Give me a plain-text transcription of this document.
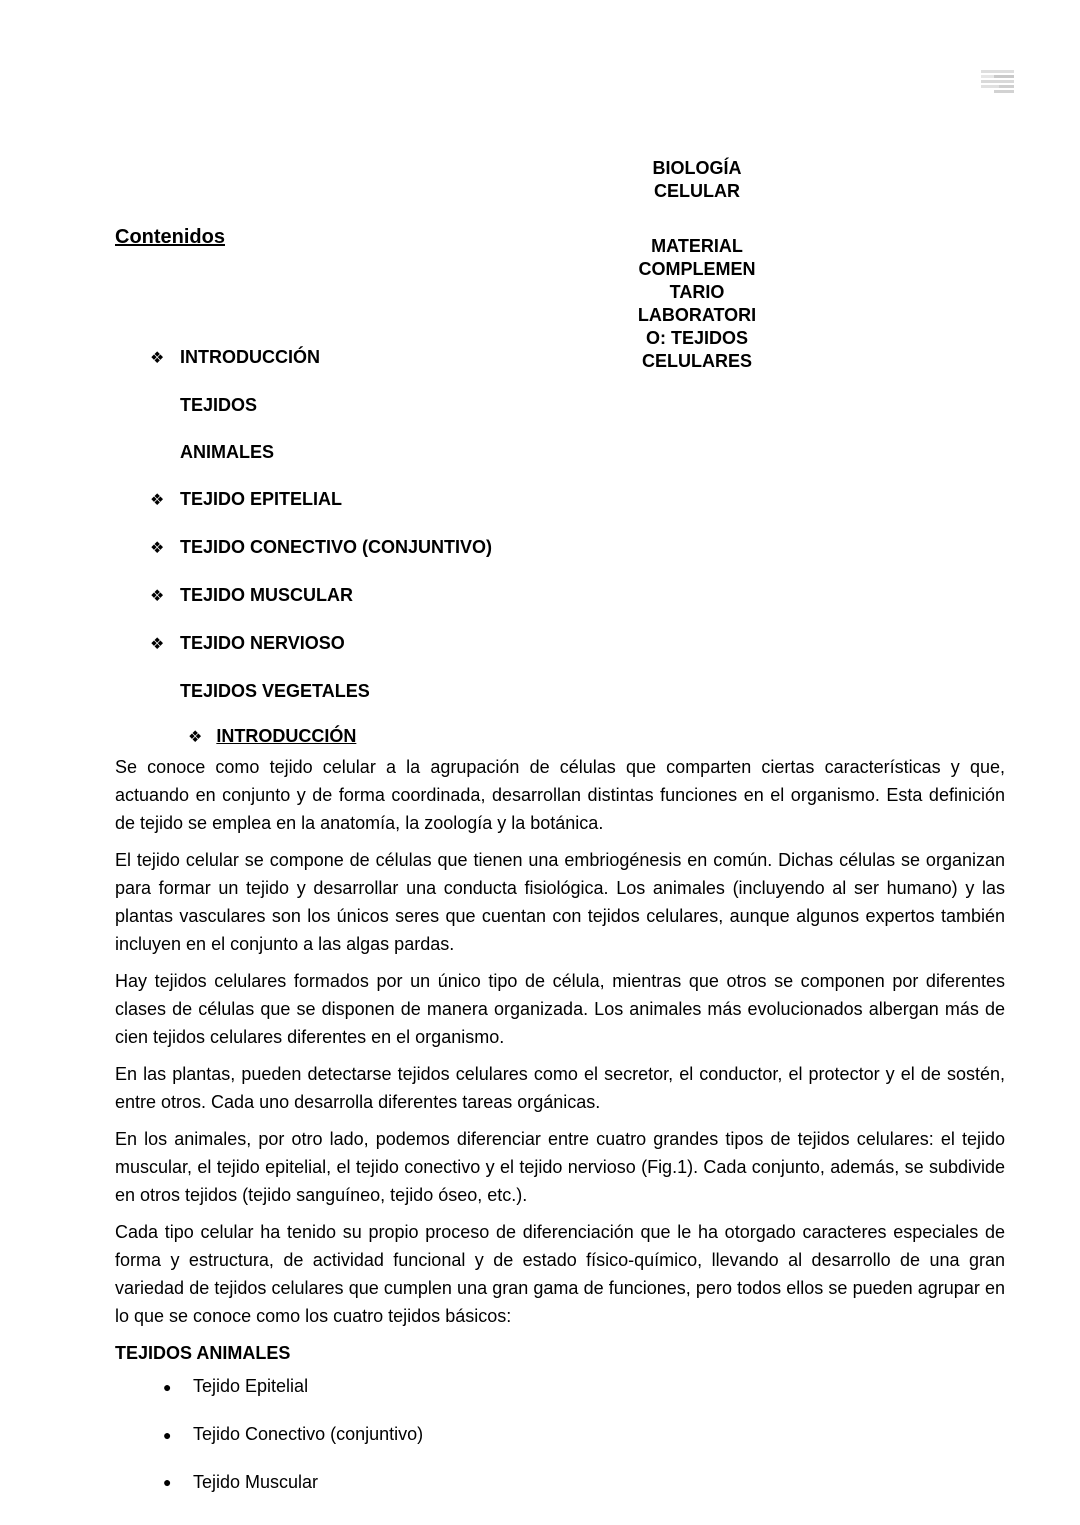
BIOLOGÍA
CELULAR

MATERIAL
COMPLEMEN
TARIO
LABORATORI
O: TEJIDOS
CELULARES

Contenidos
❖ INTRODUCCIÓN
TEJIDOS
ANIMALES
❖ TEJIDO EPITELIAL
❖ TEJIDO CONECTIVO (CONJUNTIVO)
❖ TEJIDO MUSCULAR
❖ TEJIDO NERVIOSO
TEJIDOS VEGETALES
❖ INTRODUCCIÓN

Se conoce como tejido celular a la agrupación de células que comparten ciertas características y que, actuando en conjunto y de forma coordinada, desarrollan distintas funciones en el organismo. Esta definición de tejido se emplea en la anatomía, la zoología y la botánica.

El tejido celular se compone de células que tienen una embriogénesis en común. Dichas células se organizan para formar un tejido y desarrollar una conducta fisiológica. Los animales (incluyendo al ser humano) y las plantas vasculares son los únicos seres que cuentan con tejidos celulares, aunque algunos expertos también incluyen en el conjunto a las algas pardas.

Hay tejidos celulares formados por un único tipo de célula, mientras que otros se componen por diferentes clases de células que se disponen de manera organizada. Los animales más evolucionados albergan más de cien tejidos celulares diferentes en el organismo.

En las plantas, pueden detectarse tejidos celulares como el secretor, el conductor, el protector y el de sostén, entre otros. Cada uno desarrolla diferentes tareas orgánicas.

En los animales, por otro lado, podemos diferenciar entre cuatro grandes tipos de tejidos celulares: el tejido muscular, el tejido epitelial, el tejido conectivo y el tejido nervioso (Fig.1). Cada conjunto, además, se subdivide en otros tejidos (tejido sanguíneo, tejido óseo, etc.).

Cada tipo celular ha tenido su propio proceso de diferenciación que le ha otorgado caracteres especiales de forma y estructura, de actividad funcional y de estado físico-químico, llevando al desarrollo de una gran variedad de tejidos celulares que cumplen una gran gama de funciones, pero todos ellos se pueden agrupar en lo que se conoce como los cuatro tejidos básicos:

TEJIDOS ANIMALES
● Tejido Epitelial
● Tejido Conectivo (conjuntivo)
● Tejido Muscular
